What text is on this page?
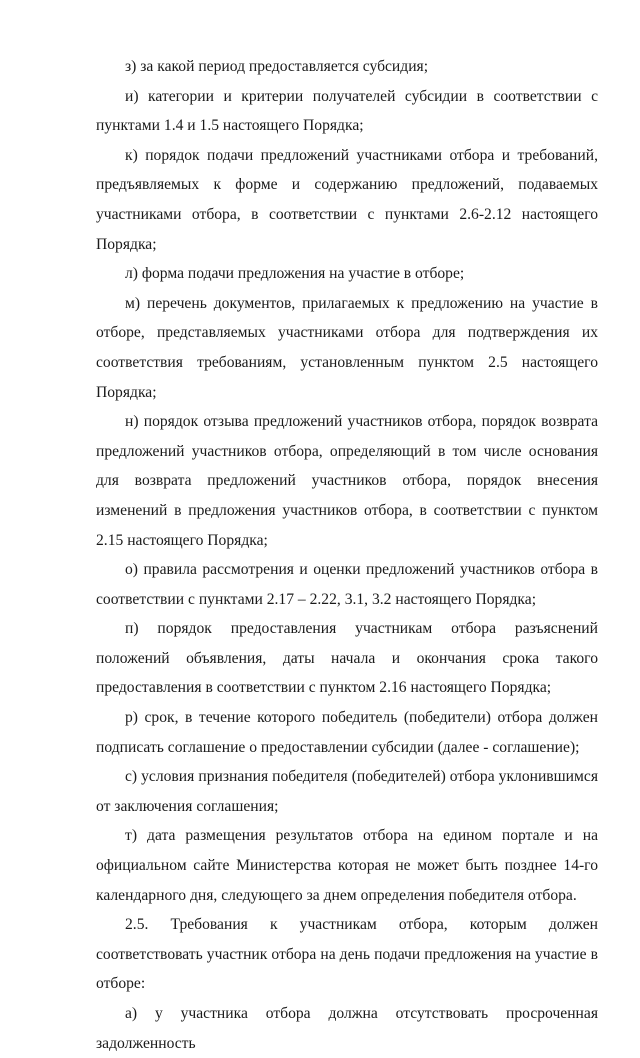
з) за какой период предоставляется субсидия;

и) категории и критерии получателей субсидии в соответствии с пунктами 1.4 и 1.5 настоящего Порядка;

к) порядок подачи предложений участниками отбора и требований, предъявляемых к форме и содержанию предложений, подаваемых участниками отбора, в соответствии с пунктами 2.6-2.12 настоящего Порядка;

л) форма подачи предложения на участие в отборе;

м) перечень документов, прилагаемых к предложению на участие в отборе, представляемых участниками отбора для подтверждения их соответствия требованиям, установленным пунктом 2.5 настоящего Порядка;

н) порядок отзыва предложений участников отбора, порядок возврата предложений участников отбора, определяющий в том числе основания для возврата предложений участников отбора, порядок внесения изменений в предложения участников отбора, в соответствии с пунктом 2.15 настоящего Порядка;

о) правила рассмотрения и оценки предложений участников отбора в соответствии с пунктами 2.17 – 2.22, 3.1, 3.2 настоящего Порядка;

п) порядок предоставления участникам отбора разъяснений положений объявления, даты начала и окончания срока такого предоставления в соответствии с пунктом 2.16 настоящего Порядка;

р) срок, в течение которого победитель (победители) отбора должен подписать соглашение о предоставлении субсидии (далее - соглашение);

с) условия признания победителя (победителей) отбора уклонившимся от заключения соглашения;

т) дата размещения результатов отбора на едином портале и на официальном сайте Министерства которая не может быть позднее 14-го календарного дня, следующего за днем определения победителя отбора.

2.5. Требования к участникам отбора, которым должен соответствовать участник отбора на день подачи предложения на участие в отборе:

а) у участника отбора должна отсутствовать просроченная задолженность
